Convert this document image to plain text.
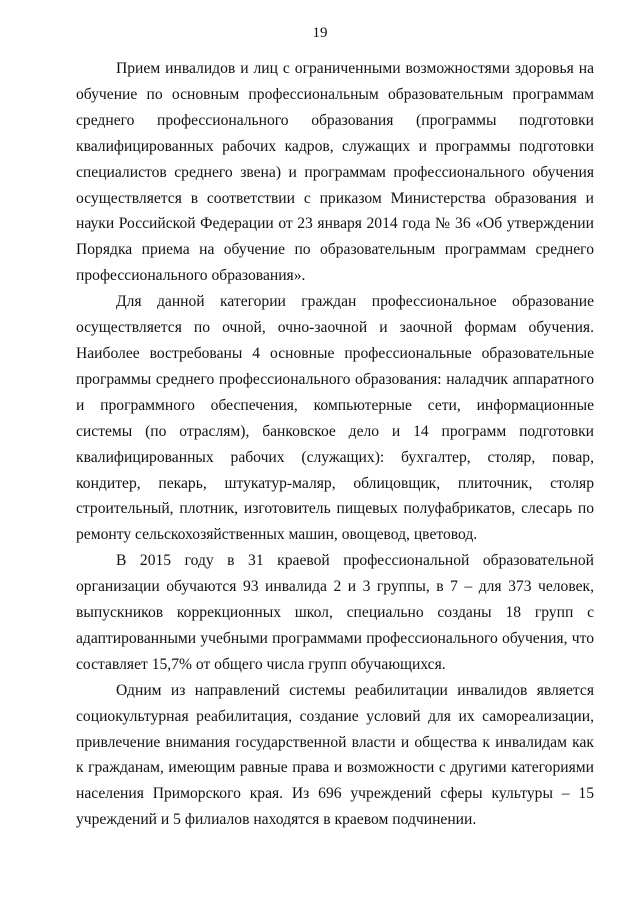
19

Прием инвалидов и лиц с ограниченными возможностями здоровья на обучение по основным профессиональным образовательным программам среднего профессионального образования (программы подготовки квалифицированных рабочих кадров, служащих и программы подготовки специалистов среднего звена) и программам профессионального обучения осуществляется в соответствии с приказом Министерства образования и науки Российской Федерации от 23 января 2014 года № 36 «Об утверждении Порядка приема на обучение по образовательным программам среднего профессионального образования».

Для данной категории граждан профессиональное образование осуществляется по очной, очно-заочной и заочной формам обучения. Наиболее востребованы 4 основные профессиональные образовательные программы среднего профессионального образования: наладчик аппаратного и программного обеспечения, компьютерные сети, информационные системы (по отраслям), банковское дело и 14 программ подготовки квалифицированных рабочих (служащих): бухгалтер, столяр, повар, кондитер, пекарь, штукатур-маляр, облицовщик, плиточник, столяр строительный, плотник, изготовитель пищевых полуфабрикатов, слесарь по ремонту сельскохозяйственных машин, овощевод, цветовод.

В 2015 году в 31 краевой профессиональной образовательной организации обучаются 93 инвалида 2 и 3 группы, в 7 – для 373 человек, выпускников коррекционных школ, специально созданы 18 групп с адаптированными учебными программами профессионального обучения, что составляет 15,7% от общего числа групп обучающихся.

Одним из направлений системы реабилитации инвалидов является социокультурная реабилитация, создание условий для их самореализации, привлечение внимания государственной власти и общества к инвалидам как к гражданам, имеющим равные права и возможности с другими категориями населения Приморского края. Из 696 учреждений сферы культуры – 15 учреждений и 5 филиалов находятся в краевом подчинении.
